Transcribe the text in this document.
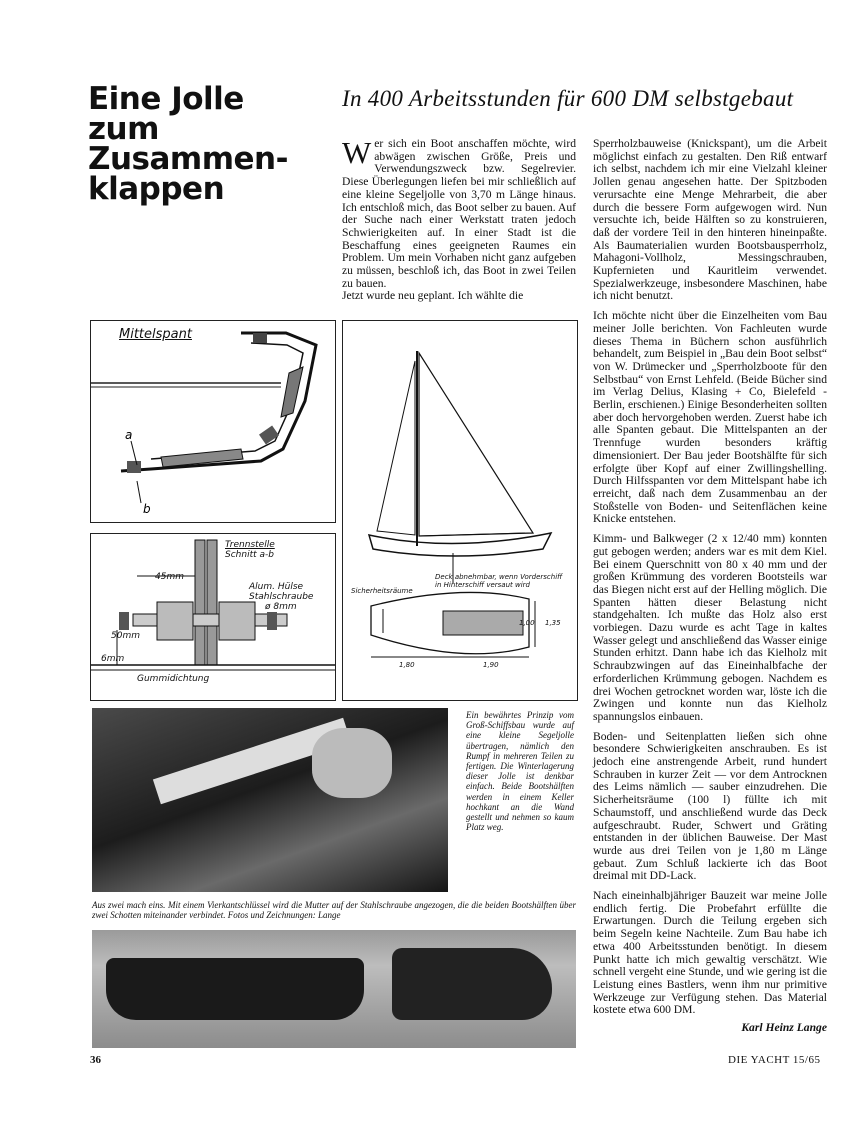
Eine Jolle
zum
Zusammen-
klappen
In 400 Arbeitsstunden für 600 DM selbstgebaut

Wer sich ein Boot anschaffen möchte, wird abwägen zwischen Größe, Preis und Verwendungszweck bzw. Segelrevier. Diese Überlegungen liefen bei mir schließlich auf eine kleine Segeljolle von 3,70 m Länge hinaus. Ich entschloß mich, das Boot selber zu bauen. Auf der Suche nach einer Werkstatt traten jedoch Schwierigkeiten auf. In einer Stadt ist die Beschaffung eines geeigneten Raumes ein Problem. Um mein Vorhaben nicht ganz aufgeben zu müssen, beschloß ich, das Boot in zwei Teilen zu bauen.

Jetzt wurde neu geplant. Ich wählte die

Sperrholzbauweise (Knickspant), um die Arbeit möglichst einfach zu gestalten. Den Riß entwarf ich selbst, nachdem ich mir eine Vielzahl kleiner Jollen genau angesehen hatte. Der Spitzboden verursachte eine Menge Mehrarbeit, die aber durch die bessere Form aufgewogen wird. Nun versuchte ich, beide Hälften so zu konstruieren, daß der vordere Teil in den hinteren hineinpaßte. Als Baumaterialien wurden Bootsbausperrholz, Mahagoni-Vollholz, Messingschrauben, Kupfernieten und Kauritleim verwendet. Spezialwerkzeuge, insbesondere Maschinen, habe ich nicht benutzt.

Ich möchte nicht über die Einzelheiten vom Bau meiner Jolle berichten. Von Fachleuten wurde dieses Thema in Büchern schon ausführlich behandelt, zum Beispiel in „Bau dein Boot selbst“ von W. Drümecker und „Sperrholzboote für den Selbstbau“ von Ernst Lehfeld. (Beide Bücher sind im Verlag Delius, Klasing + Co, Bielefeld - Berlin, erschienen.) Einige Besonderheiten sollten aber doch hervorgehoben werden. Zuerst habe ich alle Spanten gebaut. Die Mittelspanten an der Trennfuge wurden besonders kräftig dimensioniert. Der Bau jeder Bootshälfte für sich erfolgte über Kopf auf einer Zwillingshelling. Durch Hilfsspanten vor dem Mittelspant habe ich erreicht, daß nach dem Zusammenbau an der Stoßstelle von Boden- und Seitenflächen keine Knicke entstehen.

Kimm- und Balkweger (2 x 12/40 mm) konnten gut gebogen werden; anders war es mit dem Kiel. Bei einem Querschnitt von 80 x 40 mm und der großen Krümmung des vorderen Bootsteils war das Biegen nicht erst auf der Helling möglich. Die Spanten hätten dieser Belastung nicht standgehalten. Ich mußte das Holz also erst vorbiegen. Dazu wurde es acht Tage in kaltes Wasser gelegt und anschließend das Wasser einige Stunden erhitzt. Dann habe ich das Kielholz mit Schraubzwingen auf das Eineinhalbfache der erforderlichen Krümmung gebogen. Nachdem es drei Wochen getrocknet worden war, löste ich die Zwingen und konnte nun das Kielholz spannungslos einbauen.

Boden- und Seitenplatten ließen sich ohne besondere Schwierigkeiten anschrauben. Es ist jedoch eine anstrengende Arbeit, rund hundert Schrauben in kurzer Zeit — vor dem Antrocknen des Leims nämlich — sauber einzudrehen. Die Sicherheitsräume (100 l) füllte ich mit Schaumstoff, und anschließend wurde das Deck aufgeschraubt. Ruder, Schwert und Gräting entstanden in der üblichen Bauweise. Der Mast wurde aus drei Teilen von je 1,80 m Länge gebaut. Zum Schluß lackierte ich das Boot dreimal mit DD-Lack.

Nach eineinhalbjähriger Bauzeit war meine Jolle endlich fertig. Die Probefahrt erfüllte die Erwartungen. Durch die Teilung ergeben sich beim Segeln keine Nachteile. Zum Bau habe ich etwa 400 Arbeitsstunden benötigt. In diesem Punkt hatte ich mich gewaltig verschätzt. Wie schnell vergeht eine Stunde, und wie gering ist die Leistung eines Bastlers, wenn ihm nur primitive Werkzeuge zur Verfügung stehen. Das Material kostete etwa 600 DM.

Karl Heinz Lange

a
b
Mittelspant
Trennstelle
Schnitt a-b
45mm
Alum. Hülse
Stahlschraube
ø 8mm
50mm
6mm
Gummidichtung
Deck abnehmbar, wenn Vorderschiff
in Hinterschiff versaut wird
Sicherheitsräume
1,80	1,90
1,00 1,35
Ein bewährtes Prinzip vom Groß-Schiffsbau wurde auf eine kleine Segeljolle übertragen, nämlich den Rumpf in mehreren Teilen zu fertigen. Die Winterlagerung dieser Jolle ist denkbar einfach. Beide Bootshälften werden in einem Keller hochkant an die Wand gestellt und nehmen so kaum Platz weg.
Aus zwei mach eins. Mit einem Vierkantschlüssel wird die Mutter auf der Stahlschraube angezogen, die die beiden Bootshälften über zwei Schotten miteinander verbindet. Fotos und Zeichnungen: Lange
36	DIE YACHT 15/65
